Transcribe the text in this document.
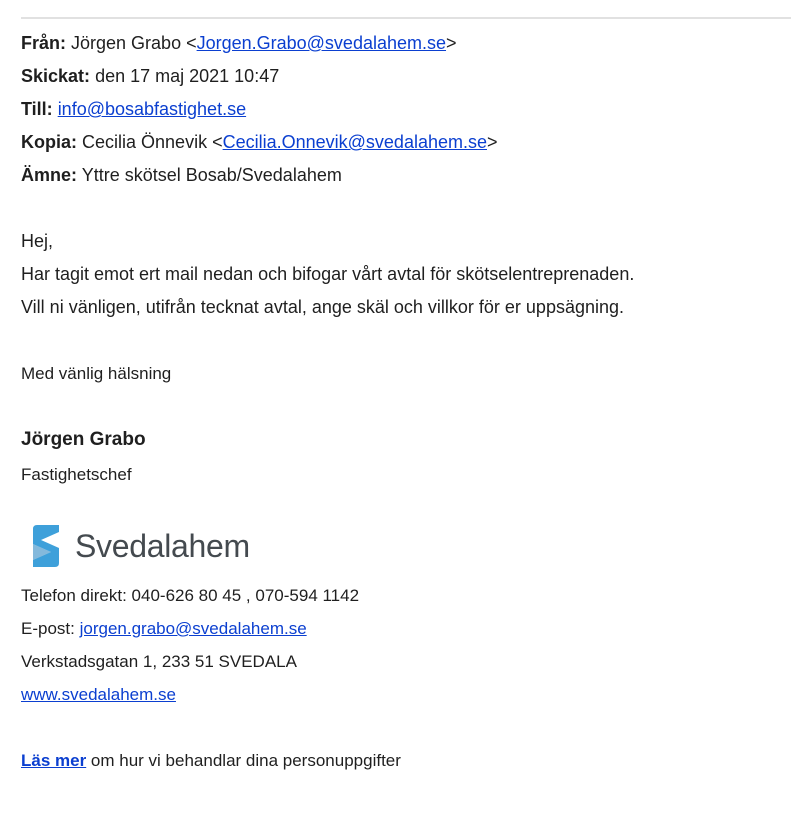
Från: Jörgen Grabo <Jorgen.Grabo@svedalahem.se>
Skickat: den 17 maj 2021 10:47
Till: info@bosabfastighet.se
Kopia: Cecilia Önnevik <Cecilia.Onnevik@svedalahem.se>
Ämne: Yttre skötsel Bosab/Svedalahem
Hej,
Har tagit emot ert mail nedan och bifogar vårt avtal för skötselentreprenaden.
Vill ni vänligen, utifrån tecknat avtal, ange skäl och villkor för er uppsägning.
Med vänlig hälsning
Jörgen Grabo
Fastighetschef
Svedalahem
Telefon direkt: 040-626 80 45 , 070-594 1142
E-post: jorgen.grabo@svedalahem.se
Verkstadsgatan 1, 233 51 SVEDALA
www.svedalahem.se
Läs mer om hur vi behandlar dina personuppgifter
